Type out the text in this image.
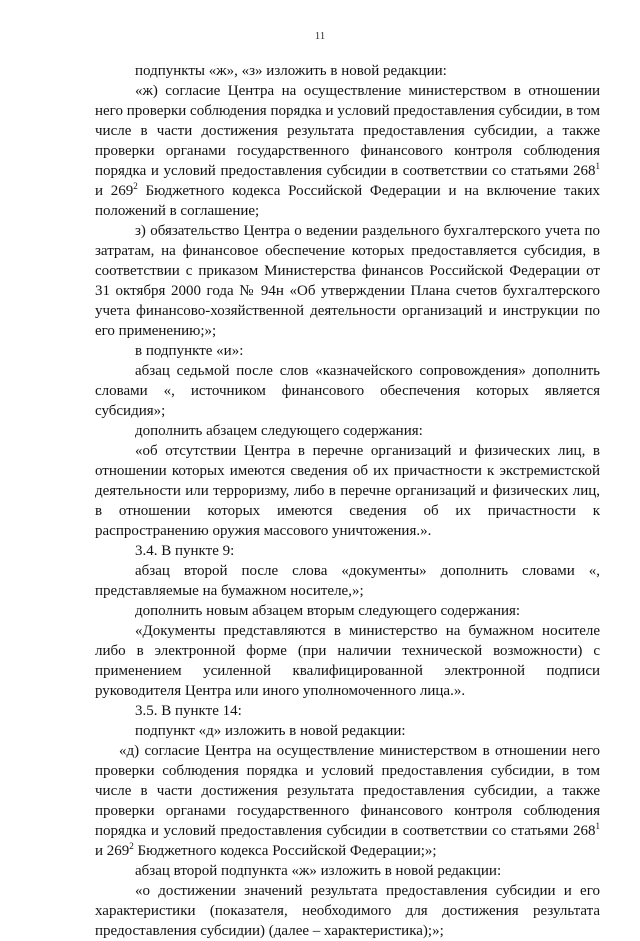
11

подпункты «ж», «з» изложить в новой редакции:

«ж) согласие Центра на осуществление министерством в отношении него проверки соблюдения порядка и условий предоставления субсидии, в том числе в части достижения результата предоставления субсидии, а также проверки органами государственного финансового контроля соблюдения порядка и условий предоставления субсидии в соответствии со статьями $268^1$ и $269^2$ Бюджетного кодекса Российской Федерации и на включение таких положений в соглашение;

з) обязательство Центра о ведении раздельного бухгалтерского учета по затратам, на финансовое обеспечение которых предоставляется субсидия, в соответствии с приказом Министерства финансов Российской Федерации от 31 октября 2000 года № 94н «Об утверждении Плана счетов бухгалтерского учета финансово-хозяйственной деятельности организаций и инструкции по его применению;»;

в подпункте «и»:

абзац седьмой после слов «казначейского сопровождения» дополнить словами «, источником финансового обеспечения которых является субсидия»;

дополнить абзацем следующего содержания:

«об отсутствии Центра в перечне организаций и физических лиц, в отношении которых имеются сведения об их причастности к экстремистской деятельности или терроризму, либо в перечне организаций и физических лиц, в отношении которых имеются сведения об их причастности к распространению оружия массового уничтожения.».

3.4. В пункте 9:

абзац второй после слова «документы» дополнить словами «, представляемые на бумажном носителе,»;

дополнить новым абзацем вторым следующего содержания:

«Документы представляются в министерство на бумажном носителе либо в электронной форме (при наличии технической возможности) с применением усиленной квалифицированной электронной подписи руководителя Центра или иного уполномоченного лица.».

3.5. В пункте 14:

подпункт «д» изложить в новой редакции:

«д) согласие Центра на осуществление министерством в отношении него проверки соблюдения порядка и условий предоставления субсидии, в том числе в части достижения результата предоставления субсидии, а также проверки органами государственного финансового контроля соблюдения порядка и условий предоставления субсидии в соответствии со статьями $268^1$ и $269^2$ Бюджетного кодекса Российской Федерации;»;

абзац второй подпункта «ж» изложить в новой редакции:

«о достижении значений результата предоставления субсидии и его характеристики (показателя, необходимого для достижения результата предоставления субсидии) (далее – характеристика);»;
